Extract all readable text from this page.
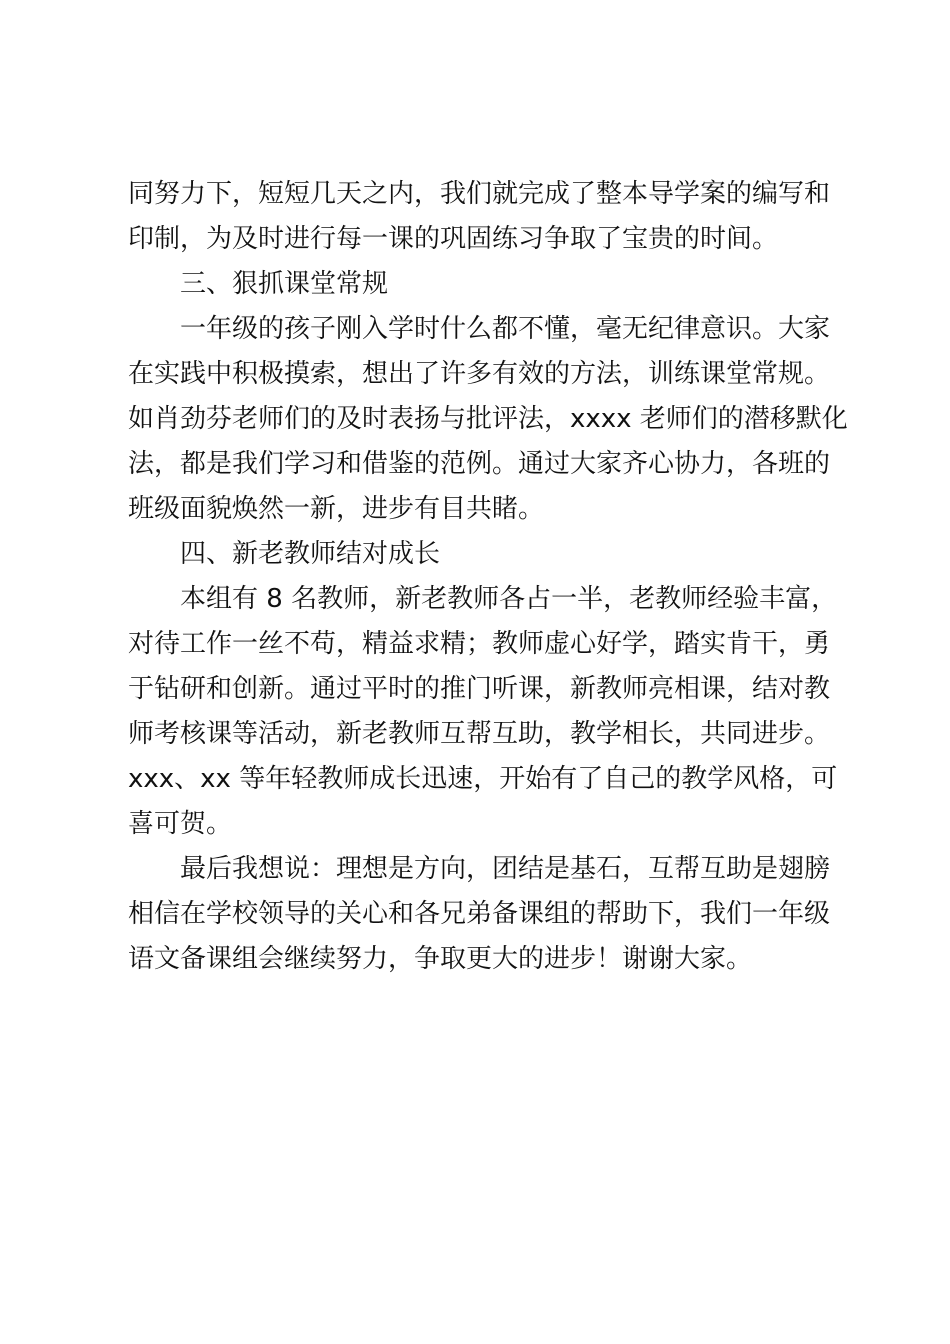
同努力下，短短几天之内，我们就完成了整本导学案的编写和

印制，为及时进行每一课的巩固练习争取了宝贵的时间。

三、狠抓课堂常规

一年级的孩子刚入学时什么都不懂，毫无纪律意识。大家

在实践中积极摸索，想出了许多有效的方法，训练课堂常规。

如肖劲芬老师们的及时表扬与批评法，xxxx 老师们的潜移默化

法，都是我们学习和借鉴的范例。通过大家齐心协力，各班的

班级面貌焕然一新，进步有目共睹。

四、新老教师结对成长

本组有 8 名教师，新老教师各占一半，老教师经验丰富，

对待工作一丝不苟，精益求精；教师虚心好学，踏实肯干，勇

于钻研和创新。通过平时的推门听课，新教师亮相课，结对教

师考核课等活动，新老教师互帮互助，教学相长，共同进步。

xxx、xx 等年轻教师成长迅速，开始有了自己的教学风格，可

喜可贺。

最后我想说：理想是方向，团结是基石，互帮互助是翅膀

相信在学校领导的关心和各兄弟备课组的帮助下，我们一年级

语文备课组会继续努力，争取更大的进步！谢谢大家。
